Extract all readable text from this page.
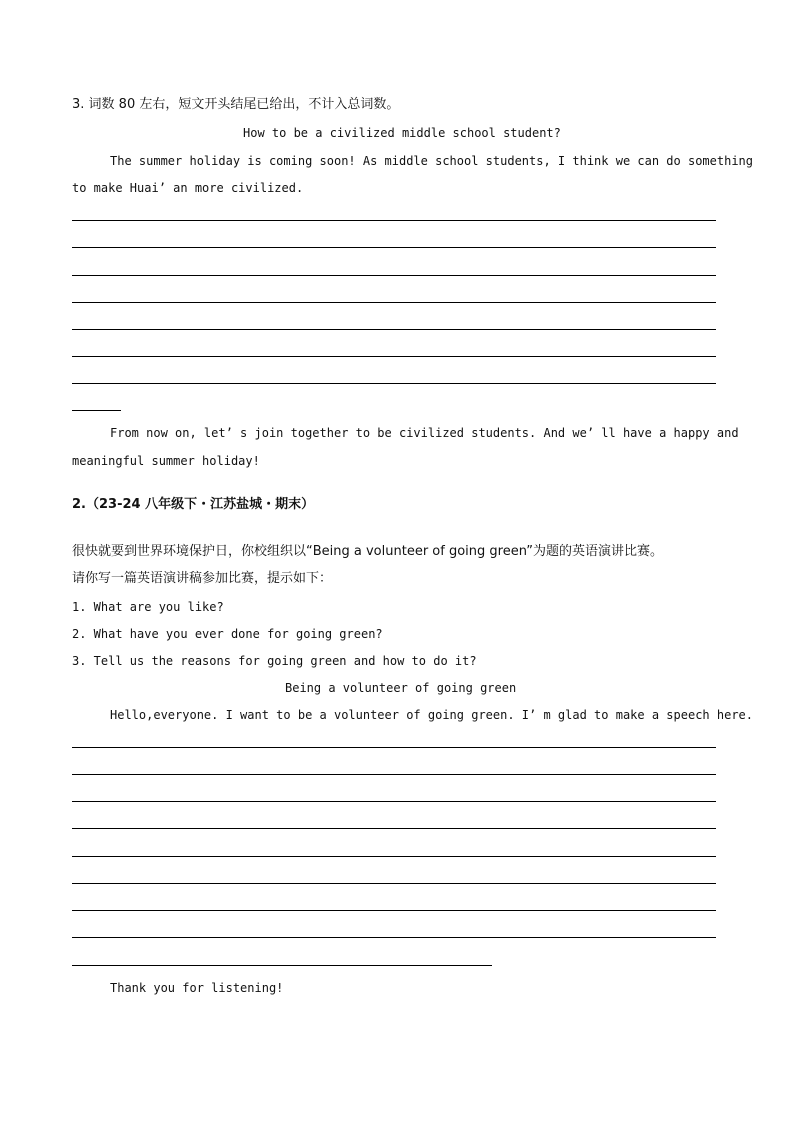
3. 词数 80 左右，短文开头结尾已给出，不计入总词数。
How to be a civilized middle school student?
The summer holiday is coming soon! As middle school students, I think we can do something
to make Huai’ an more civilized.
From now on, let’ s join together to be civilized students. And we’ ll have a happy and
meaningful summer holiday!
2.（23-24 八年级下・江苏盐城・期末）
很快就要到世界环境保护日，你校组织以“Being a volunteer of going green”为题的英语演讲比赛。
请你写一篇英语演讲稿参加比赛，提示如下：
1. What are you like?
2. What have you ever done for going green?
3. Tell us the reasons for going green and how to do it?
Being a volunteer of going green
Hello,everyone. I want to be a volunteer of going green. I’ m glad to make a speech here.
Thank you for listening!
